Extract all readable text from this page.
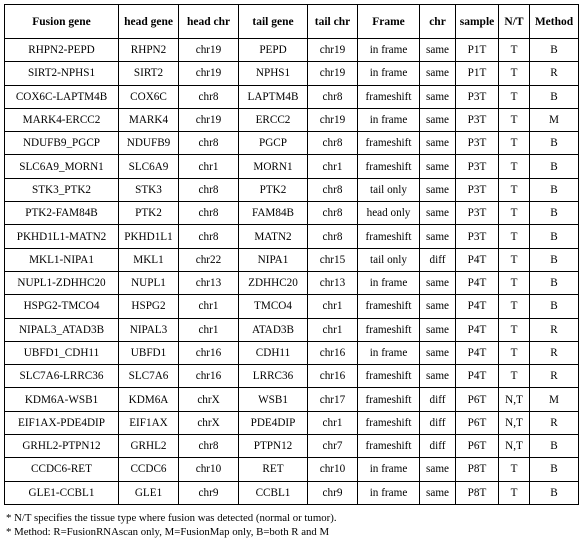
Fusion gene	head gene	head chr	tail gene	tail chr	Frame	chr	sample	N/T	Method
RHPN2-PEPD	RHPN2	chr19	PEPD	chr19	in frame	same	P1T	T	B
SIRT2-NPHS1	SIRT2	chr19	NPHS1	chr19	in frame	same	P1T	T	R
COX6C-LAPTM4B	COX6C	chr8	LAPTM4B	chr8	frameshift	same	P3T	T	B
MARK4-ERCC2	MARK4	chr19	ERCC2	chr19	in frame	same	P3T	T	M
NDUFB9_PGCP	NDUFB9	chr8	PGCP	chr8	frameshift	same	P3T	T	B
SLC6A9_MORN1	SLC6A9	chr1	MORN1	chr1	frameshift	same	P3T	T	B
STK3_PTK2	STK3	chr8	PTK2	chr8	tail only	same	P3T	T	B
PTK2-FAM84B	PTK2	chr8	FAM84B	chr8	head only	same	P3T	T	B
PKHD1L1-MATN2	PKHD1L1	chr8	MATN2	chr8	frameshift	same	P3T	T	B
MKL1-NIPA1	MKL1	chr22	NIPA1	chr15	tail only	diff	P4T	T	B
NUPL1-ZDHHC20	NUPL1	chr13	ZDHHC20	chr13	in frame	same	P4T	T	B
HSPG2-TMCO4	HSPG2	chr1	TMCO4	chr1	frameshift	same	P4T	T	B
NIPAL3_ATAD3B	NIPAL3	chr1	ATAD3B	chr1	frameshift	same	P4T	T	R
UBFD1_CDH11	UBFD1	chr16	CDH11	chr16	in frame	same	P4T	T	R
SLC7A6-LRRC36	SLC7A6	chr16	LRRC36	chr16	frameshift	same	P4T	T	R
KDM6A-WSB1	KDM6A	chrX	WSB1	chr17	frameshift	diff	P6T	N,T	M
EIF1AX-PDE4DIP	EIF1AX	chrX	PDE4DIP	chr1	frameshift	diff	P6T	N,T	R
GRHL2-PTPN12	GRHL2	chr8	PTPN12	chr7	frameshift	diff	P6T	N,T	B
CCDC6-RET	CCDC6	chr10	RET	chr10	in frame	same	P8T	T	B
GLE1-CCBL1	GLE1	chr9	CCBL1	chr9	in frame	same	P8T	T	B
* N/T specifies the tissue type where fusion was detected (normal or tumor).
* Method: R=FusionRNAscan only, M=FusionMap only, B=both R and M
